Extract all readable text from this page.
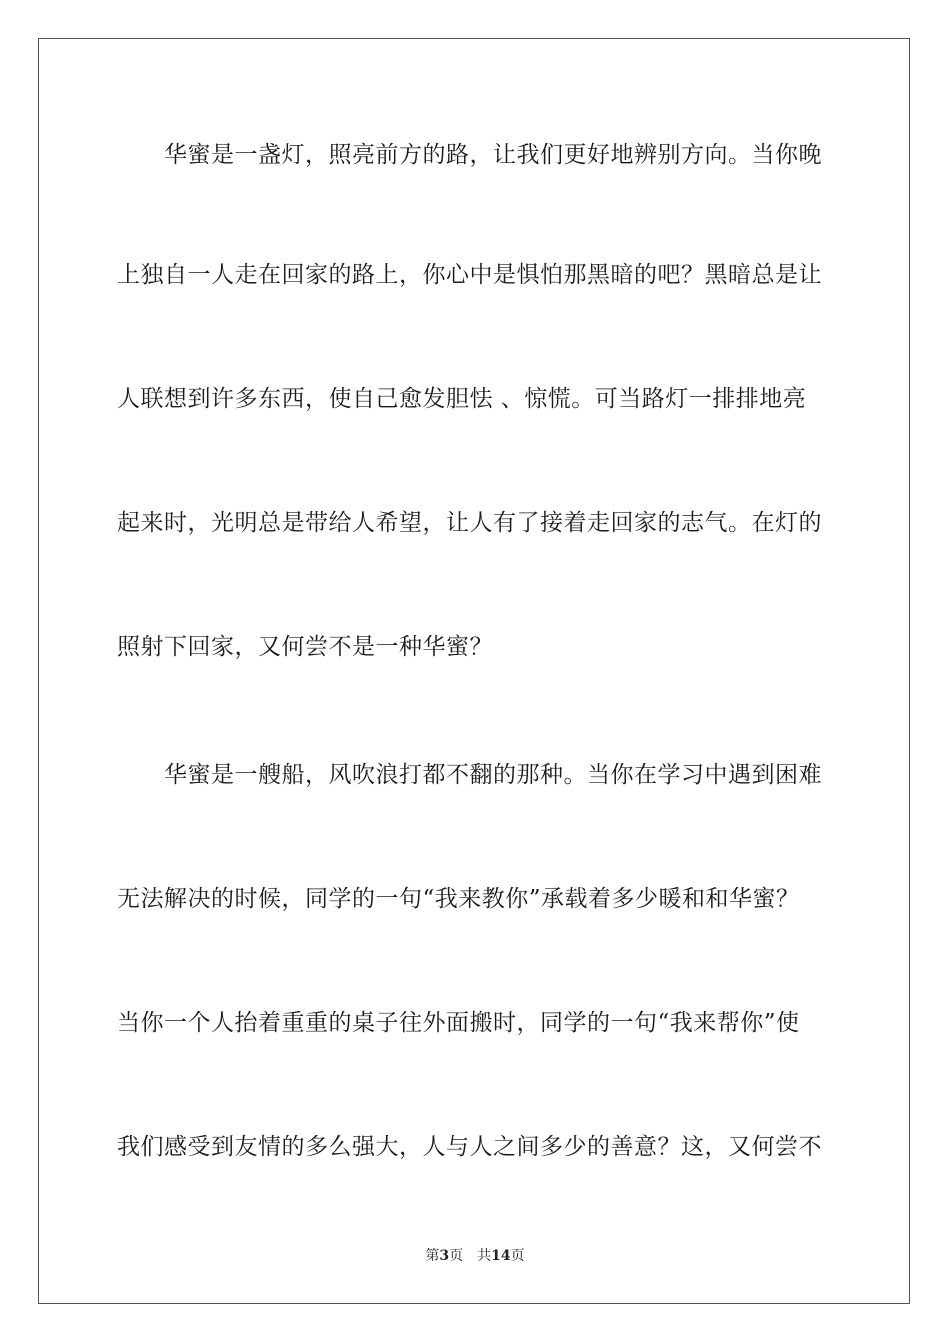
华蜜是一盏灯，照亮前方的路，让我们更好地辨别方向。当你晚
上独自一人走在回家的路上，你心中是惧怕那黑暗的吧？黑暗总是让
人联想到许多东西，使自己愈发胆怯 、惊慌。可当路灯一排排地亮
起来时，光明总是带给人希望，让人有了接着走回家的志气。在灯的
照射下回家，又何尝不是一种华蜜？
华蜜是一艘船，风吹浪打都不翻的那种。当你在学习中遇到困难
无法解决的时候，同学的一句“我来教你”承载着多少暖和和华蜜？
当你一个人抬着重重的桌子往外面搬时，同学的一句“我来帮你”使
我们感受到友情的多么强大，人与人之间多少的善意？这，又何尝不
第3页 共14页
